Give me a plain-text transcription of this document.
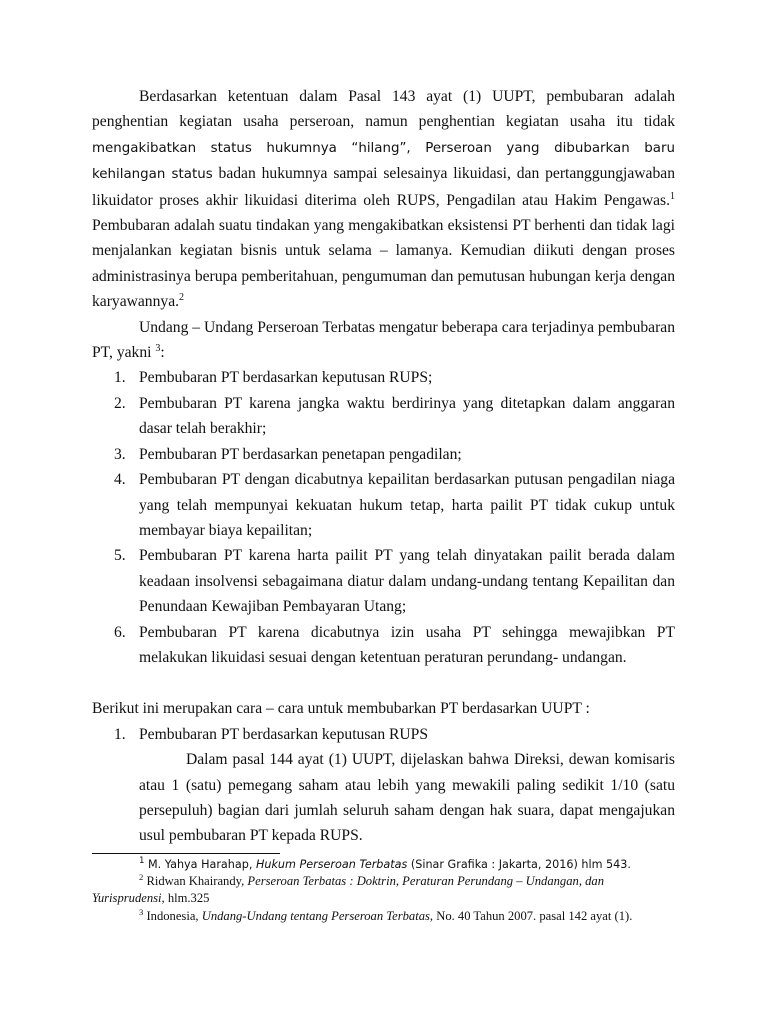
Berdasarkan ketentuan dalam Pasal 143 ayat (1) UUPT, pembubaran adalah penghentian kegiatan usaha perseroan, namun penghentian kegiatan usaha itu tidak mengakibatkan status hukumnya “hilang”, Perseroan yang dibubarkan baru kehilangan status badan hukumnya sampai selesainya likuidasi, dan pertanggungjawaban likuidator proses akhir likuidasi diterima oleh RUPS, Pengadilan atau Hakim Pengawas.$^1$ Pembubaran adalah suatu tindakan yang mengakibatkan eksistensi PT berhenti dan tidak lagi menjalankan kegiatan bisnis untuk selama – lamanya. Kemudian diikuti dengan proses administrasinya berupa pemberitahuan, pengumuman dan pemutusan hubungan kerja dengan karyawannya.$^2$

Undang – Undang Perseroan Terbatas mengatur beberapa cara terjadinya pembubaran PT, yakni $^3$:

1. Pembubaran PT berdasarkan keputusan RUPS;
2. Pembubaran PT karena jangka waktu berdirinya yang ditetapkan dalam anggaran dasar telah berakhir;
3. Pembubaran PT berdasarkan penetapan pengadilan;
4. Pembubaran PT dengan dicabutnya kepailitan berdasarkan putusan pengadilan niaga yang telah mempunyai kekuatan hukum tetap, harta pailit PT tidak cukup untuk membayar biaya kepailitan;
5. Pembubaran PT karena harta pailit PT yang telah dinyatakan pailit berada dalam keadaan insolvensi sebagaimana diatur dalam undang-undang tentang Kepailitan dan Penundaan Kewajiban Pembayaran Utang;
6. Pembubaran PT karena dicabutnya izin usaha PT sehingga mewajibkan PT melakukan likuidasi sesuai dengan ketentuan peraturan perundang- undangan.

Berikut ini merupakan cara – cara untuk membubarkan PT berdasarkan UUPT :

1. Pembubaran PT berdasarkan keputusan RUPS
Dalam pasal 144 ayat (1) UUPT, dijelaskan bahwa Direksi, dewan komisaris atau 1 (satu) pemegang saham atau lebih yang mewakili paling sedikit 1/10 (satu persepuluh) bagian dari jumlah seluruh saham dengan hak suara, dapat mengajukan usul pembubaran PT kepada RUPS.

$^1$ M. Yahya Harahap, Hukum Perseroan Terbatas (Sinar Grafika : Jakarta, 2016) hlm 543.

$^2$ Ridwan Khairandy, Perseroan Terbatas : Doktrin, Peraturan Perundang – Undangan, dan Yurisprudensi, hlm.325

$^3$ Indonesia, Undang-Undang tentang Perseroan Terbatas, No. 40 Tahun 2007. pasal 142 ayat (1).
